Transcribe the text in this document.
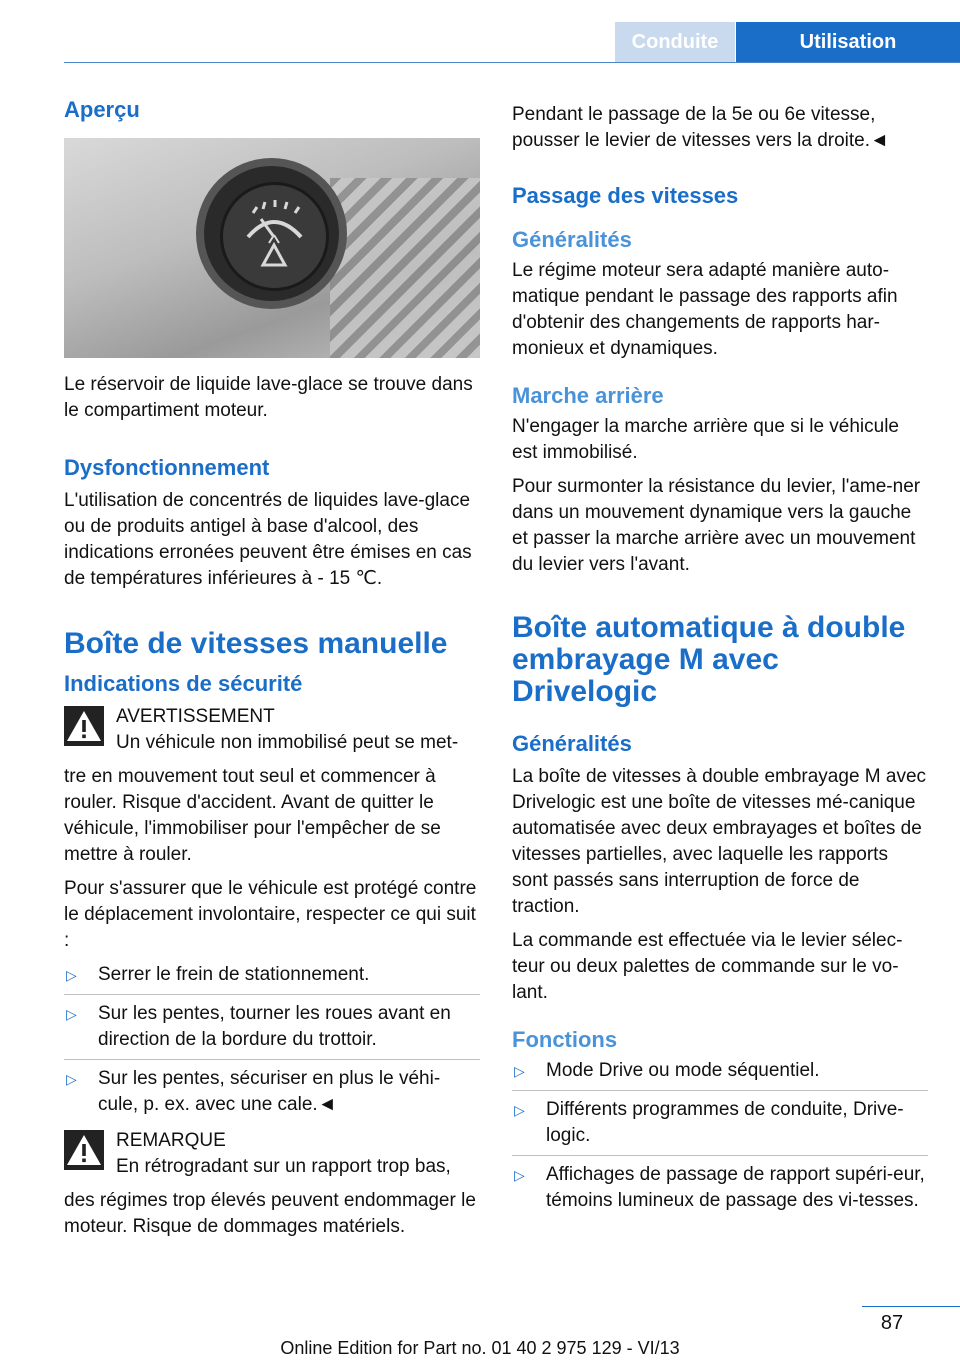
Conduite	Utilisation
Aperçu

Le réservoir de liquide lave-glace se trouve dans le compartiment moteur.

Dysfonctionnement

L'utilisation de concentrés de liquides lave-glace ou de produits antigel à base d'alcool, des indications erronées peuvent être émises en cas de températures inférieures à - 15 ℃.

Boîte de vitesses manuelle
Indications de sécurité

AVERTISSEMENT

Un véhicule non immobilisé peut se met-

tre en mouvement tout seul et commencer à rouler. Risque d'accident. Avant de quitter le véhicule, l'immobiliser pour l'empêcher de se mettre à rouler.

Pour s'assurer que le véhicule est protégé contre le déplacement involontaire, respecter ce qui suit :

▷ Serrer le frein de stationnement.
▷ Sur les pentes, tourner les roues avant en direction de la bordure du trottoir.
▷ Sur les pentes, sécuriser en plus le véhi-cule, p. ex. avec une cale.◄

REMARQUE

En rétrogradant sur un rapport trop bas,

des régimes trop élevés peuvent endommager le moteur. Risque de dommages matériels.

Pendant le passage de la 5e ou 6e vitesse, pousser le levier de vitesses vers la droite.◄

Passage des vitesses
Généralités

Le régime moteur sera adapté manière auto-matique pendant le passage des rapports afin d'obtenir des changements de rapports har-monieux et dynamiques.

Marche arrière

N'engager la marche arrière que si le véhicule est immobilisé.

Pour surmonter la résistance du levier, l'ame-ner dans un mouvement dynamique vers la gauche et passer la marche arrière avec un mouvement du levier vers l'avant.

Boîte automatique à double embrayage M avec Drivelogic
Généralités

La boîte de vitesses à double embrayage M avec Drivelogic est une boîte de vitesses mé-canique automatisée avec deux embrayages et boîtes de vitesses partielles, avec laquelle les rapports sont passés sans interruption de force de traction.

La commande est effectuée via le levier sélec-teur ou deux palettes de commande sur le vo-lant.

Fonctions
▷ Mode Drive ou mode séquentiel.
▷ Différents programmes de conduite, Drive-logic.
▷ Affichages de passage de rapport supéri-eur, témoins lumineux de passage des vi-tesses.
87
Online Edition for Part no. 01 40 2 975 129 - VI/13
